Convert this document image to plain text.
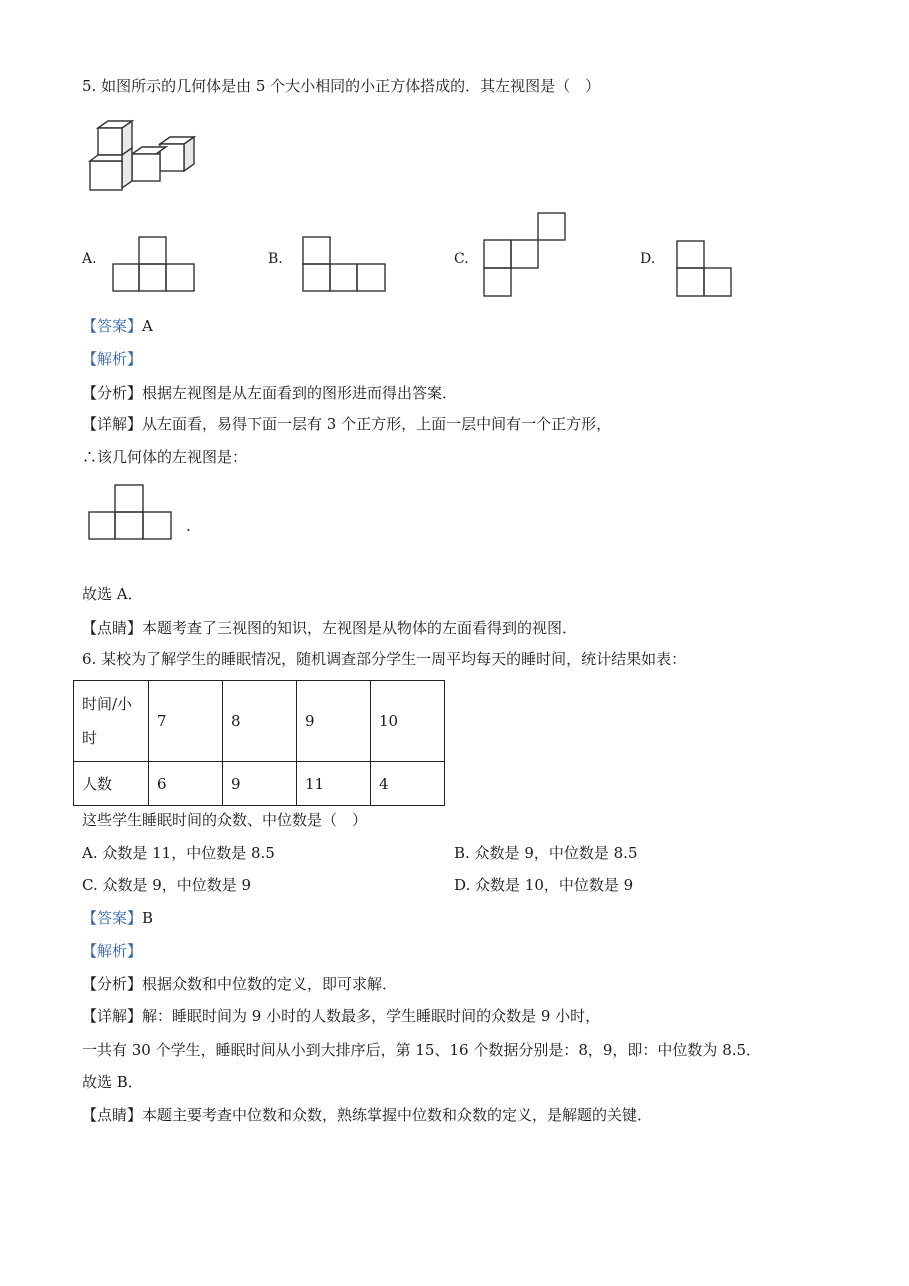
5. 如图所示的几何体是由 5 个大小相同的小正方体搭成的．其左视图是（　）
A.	B.	C.	D.
【答案】A
【解析】
【分析】根据左视图是从左面看到的图形进而得出答案．
【详解】从左面看，易得下面一层有 3 个正方形，上面一层中间有一个正方形，
∴该几何体的左视图是：
.
故选 A．
【点睛】本题考查了三视图的知识，左视图是从物体的左面看得到的视图．
6. 某校为了解学生的睡眠情况，随机调查部分学生一周平均每天的睡时间，统计结果如表：
时间/小时	7	8	9	10
人数	6	9	11	4
这些学生睡眠时间的众数、中位数是（　）
A. 众数是 11，中位数是 8.5	B. 众数是 9，中位数是 8.5
C. 众数是 9，中位数是 9	D. 众数是 10，中位数是 9
【答案】B
【解析】
【分析】根据众数和中位数的定义，即可求解．
【详解】解：睡眠时间为 9 小时的人数最多，学生睡眠时间的众数是 9 小时，
一共有 30 个学生，睡眠时间从小到大排序后，第 15、16 个数据分别是：8，9，即：中位数为 8.5．
故选 B．
【点睛】本题主要考查中位数和众数，熟练掌握中位数和众数的定义，是解题的关键．
